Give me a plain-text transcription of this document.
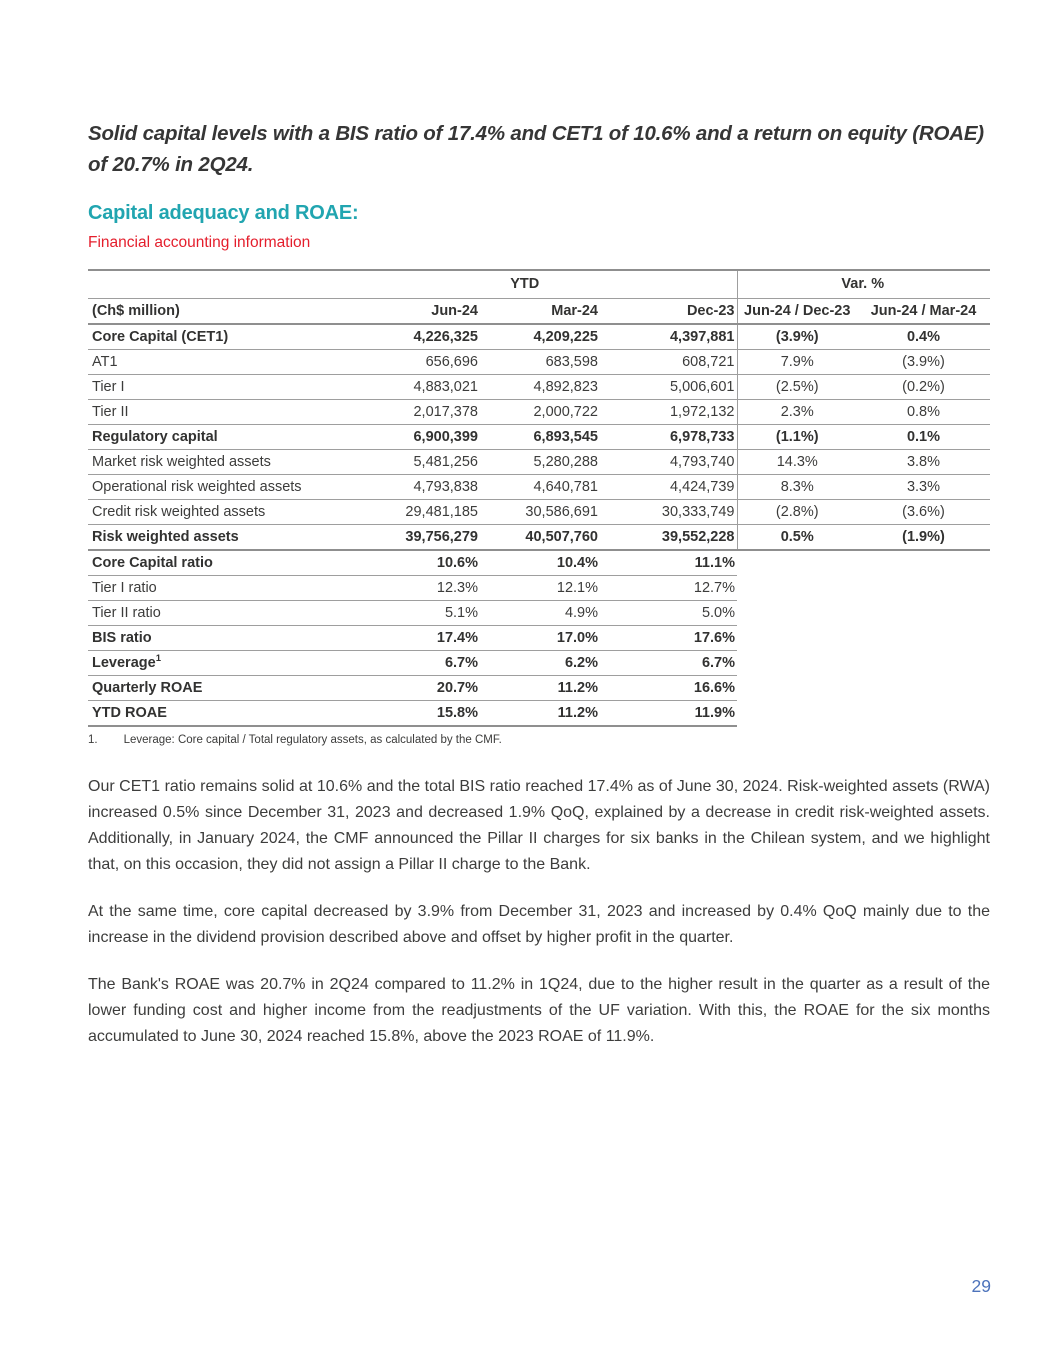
Solid capital levels with a BIS ratio of 17.4% and CET1 of 10.6% and a return on equity (ROAE) of 20.7% in 2Q24.
Capital adequacy and ROAE:
Financial accounting information
	YTD			Var. %	
(Ch$ million)	Jun-24	Mar-24	Dec-23	Jun-24 / Dec-23	Jun-24 / Mar-24
Core Capital (CET1)	4,226,325	4,209,225	4,397,881	(3.9%)	0.4%
AT1	656,696	683,598	608,721	7.9%	(3.9%)
Tier I	4,883,021	4,892,823	5,006,601	(2.5%)	(0.2%)
Tier II	2,017,378	2,000,722	1,972,132	2.3%	0.8%
Regulatory capital	6,900,399	6,893,545	6,978,733	(1.1%)	0.1%
Market risk weighted assets	5,481,256	5,280,288	4,793,740	14.3%	3.8%
Operational risk weighted assets	4,793,838	4,640,781	4,424,739	8.3%	3.3%
Credit risk weighted assets	29,481,185	30,586,691	30,333,749	(2.8%)	(3.6%)
Risk weighted assets	39,756,279	40,507,760	39,552,228	0.5%	(1.9%)
Core Capital ratio	10.6%	10.4%	11.1%		
Tier I ratio	12.3%	12.1%	12.7%		
Tier II ratio	5.1%	4.9%	5.0%		
BIS ratio	17.4%	17.0%	17.6%		
Leverage$^1$	6.7%	6.2%	6.7%		
Quarterly ROAE	20.7%	11.2%	16.6%		
YTD ROAE	15.8%	11.2%	11.9%		
1. Leverage: Core capital / Total regulatory assets, as calculated by the CMF.

Our CET1 ratio remains solid at 10.6% and the total BIS ratio reached 17.4% as of June 30, 2024. Risk-weighted assets (RWA) increased 0.5% since December 31, 2023 and decreased 1.9% QoQ, explained by a decrease in credit risk-weighted assets. Additionally, in January 2024, the CMF announced the Pillar II charges for six banks in the Chilean system, and we highlight that, on this occasion, they did not assign a Pillar II charge to the Bank.

At the same time, core capital decreased by 3.9% from December 31, 2023 and increased by 0.4% QoQ mainly due to the increase in the dividend provision described above and offset by higher profit in the quarter.

The Bank's ROAE was 20.7% in 2Q24 compared to 11.2% in 1Q24, due to the higher result in the quarter as a result of the lower funding cost and higher income from the readjustments of the UF variation. With this, the ROAE for the six months accumulated to June 30, 2024 reached 15.8%, above the 2023 ROAE of 11.9%.

29
